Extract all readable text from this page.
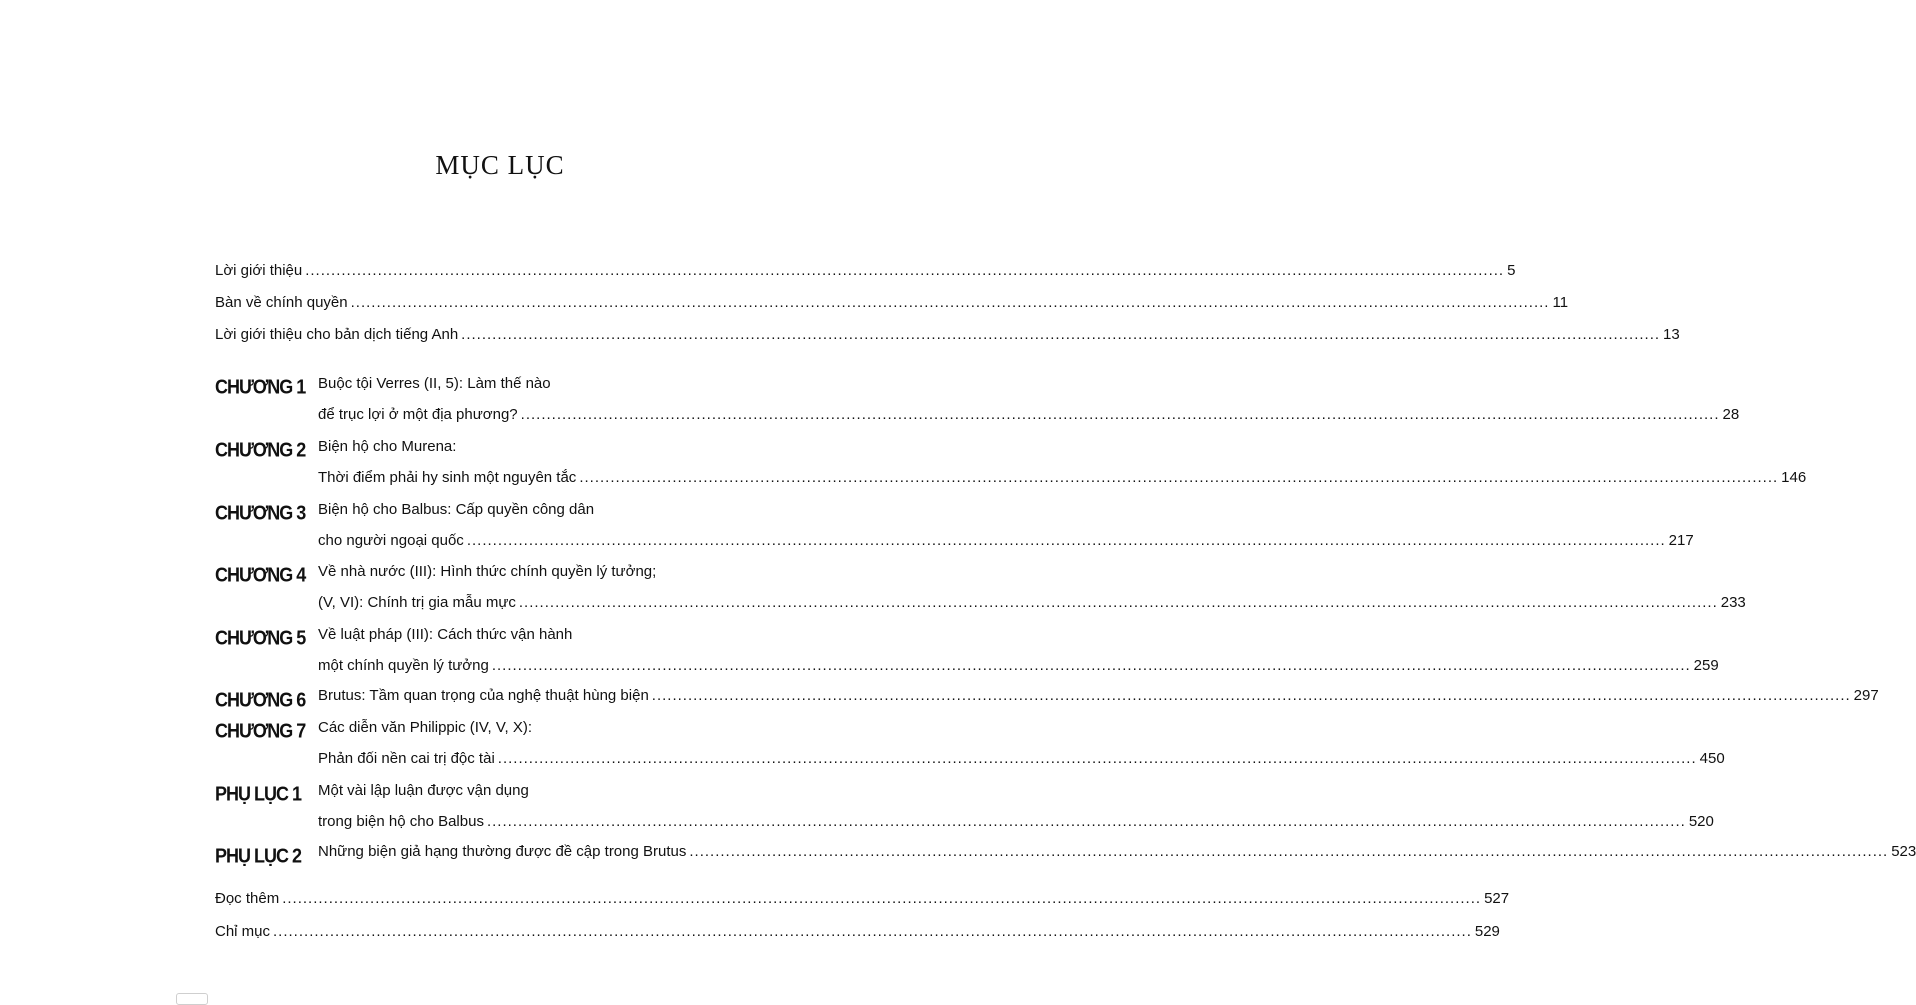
MỤC LỤC
Lời giới thiệu .....	5
Bàn về chính quyền .....	11
Lời giới thiệu cho bản dịch tiếng Anh .....	13
CHƯƠNG 1 Buộc tội Verres (II, 5): Làm thế nào
để trục lợi ở một địa phương? .....	28
CHƯƠNG 2 Biện hộ cho Murena:
Thời điểm phải hy sinh một nguyên tắc .....	146
CHƯƠNG 3 Biện hộ cho Balbus: Cấp quyền công dân
cho người ngoại quốc .....	217
CHƯƠNG 4 Về nhà nước (III): Hình thức chính quyền lý tưởng;
(V, VI): Chính trị gia mẫu mực .....	233
CHƯƠNG 5 Về luật pháp (III): Cách thức vận hành
một chính quyền lý tưởng .....	259
CHƯƠNG 6 Brutus: Tầm quan trọng của nghệ thuật hùng biện .....	297
CHƯƠNG 7 Các diễn văn Philippic (IV, V, X):
Phản đối nền cai trị độc tài .....	450
PHỤ LỤC 1	Một vài lập luận được vận dụng
trong biện hộ cho Balbus .....	520
PHỤ LỤC 2	Những biện giả hạng thường được đề cập trong Brutus .....	523
Đọc thêm .....	527
Chỉ mục .....	529
